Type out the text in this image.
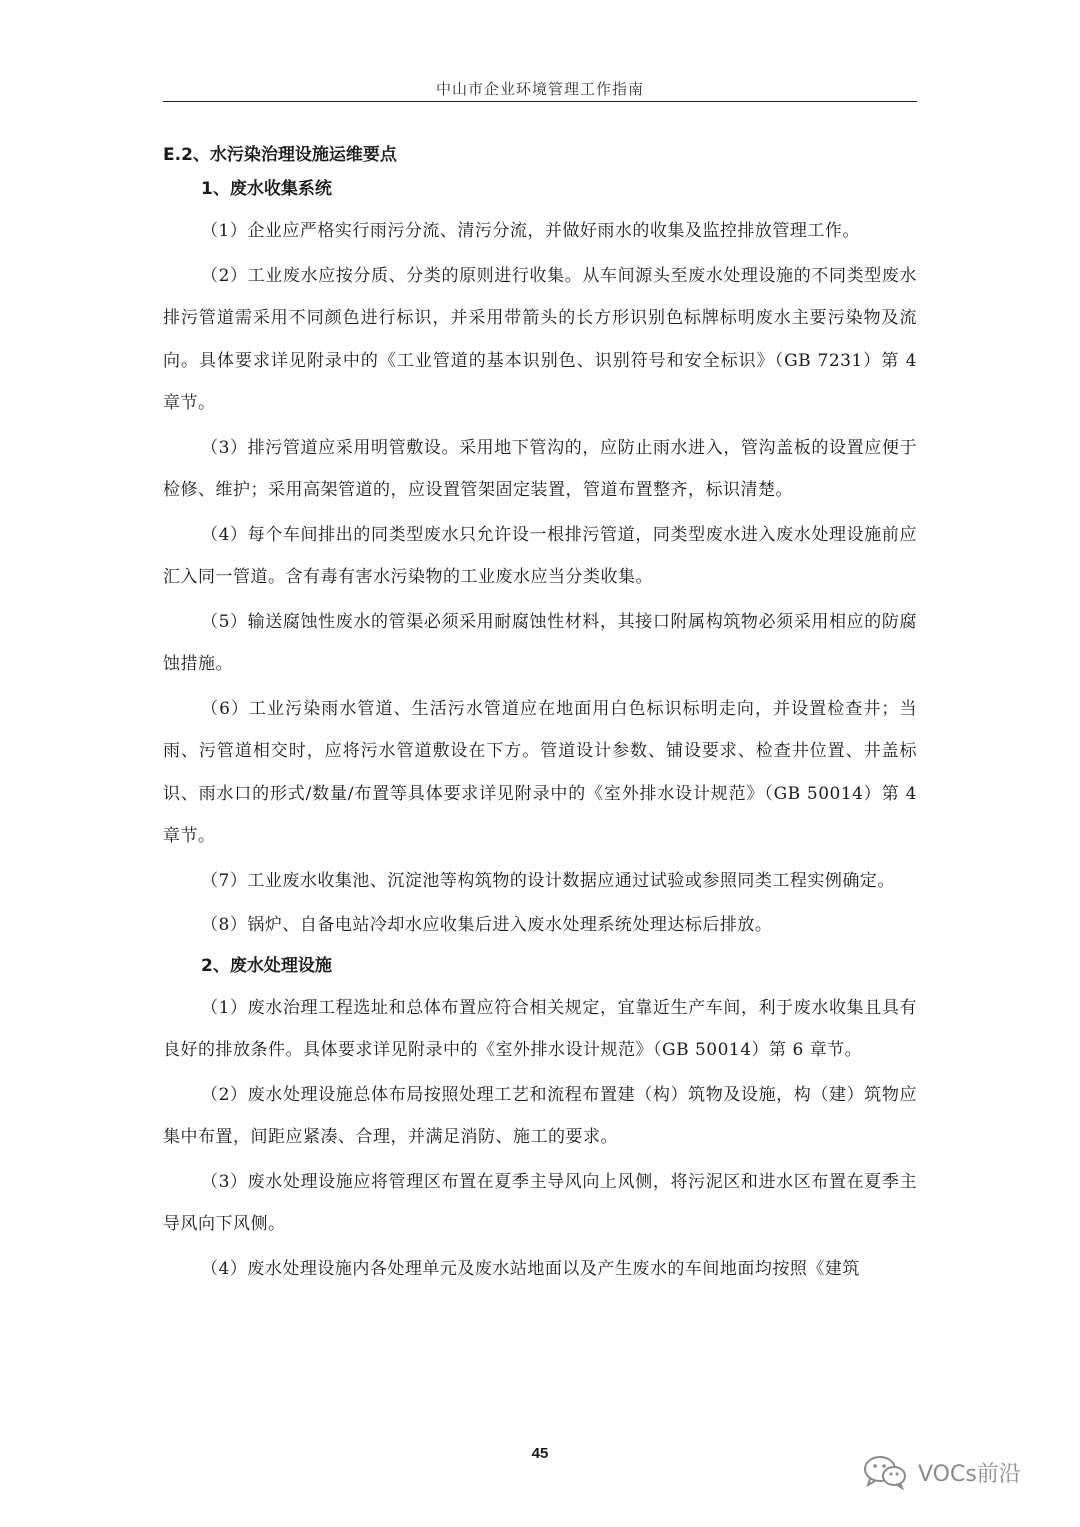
中山市企业环境管理工作指南

E.2、水污染治理设施运维要点

1、废水收集系统

（1）企业应严格实行雨污分流、清污分流，并做好雨水的收集及监控排放管理工作。

（2）工业废水应按分质、分类的原则进行收集。从车间源头至废水处理设施的不同类型废水排污管道需采用不同颜色进行标识，并采用带箭头的长方形识别色标牌标明废水主要污染物及流向。具体要求详见附录中的《工业管道的基本识别色、识别符号和安全标识》（GB 7231）第 4 章节。

（3）排污管道应采用明管敷设。采用地下管沟的，应防止雨水进入，管沟盖板的设置应便于检修、维护；采用高架管道的，应设置管架固定装置，管道布置整齐，标识清楚。

（4）每个车间排出的同类型废水只允许设一根排污管道，同类型废水进入废水处理设施前应汇入同一管道。含有毒有害水污染物的工业废水应当分类收集。

（5）输送腐蚀性废水的管渠必须采用耐腐蚀性材料，其接口附属构筑物必须采用相应的防腐蚀措施。

（6）工业污染雨水管道、生活污水管道应在地面用白色标识标明走向，并设置检查井；当雨、污管道相交时，应将污水管道敷设在下方。管道设计参数、铺设要求、检查井位置、井盖标识、雨水口的形式/数量/布置等具体要求详见附录中的《室外排水设计规范》（GB 50014）第 4 章节。

（7）工业废水收集池、沉淀池等构筑物的设计数据应通过试验或参照同类工程实例确定。

（8）锅炉、自备电站冷却水应收集后进入废水处理系统处理达标后排放。

2、废水处理设施

（1）废水治理工程选址和总体布置应符合相关规定，宜靠近生产车间，利于废水收集且具有良好的排放条件。具体要求详见附录中的《室外排水设计规范》（GB 50014）第 6 章节。

（2）废水处理设施总体布局按照处理工艺和流程布置建（构）筑物及设施，构（建）筑物应集中布置，间距应紧凑、合理，并满足消防、施工的要求。

（3）废水处理设施应将管理区布置在夏季主导风向上风侧，将污泥区和进水区布置在夏季主导风向下风侧。

（4）废水处理设施内各处理单元及废水站地面以及产生废水的车间地面均按照《建筑

45
VOCs前沿
